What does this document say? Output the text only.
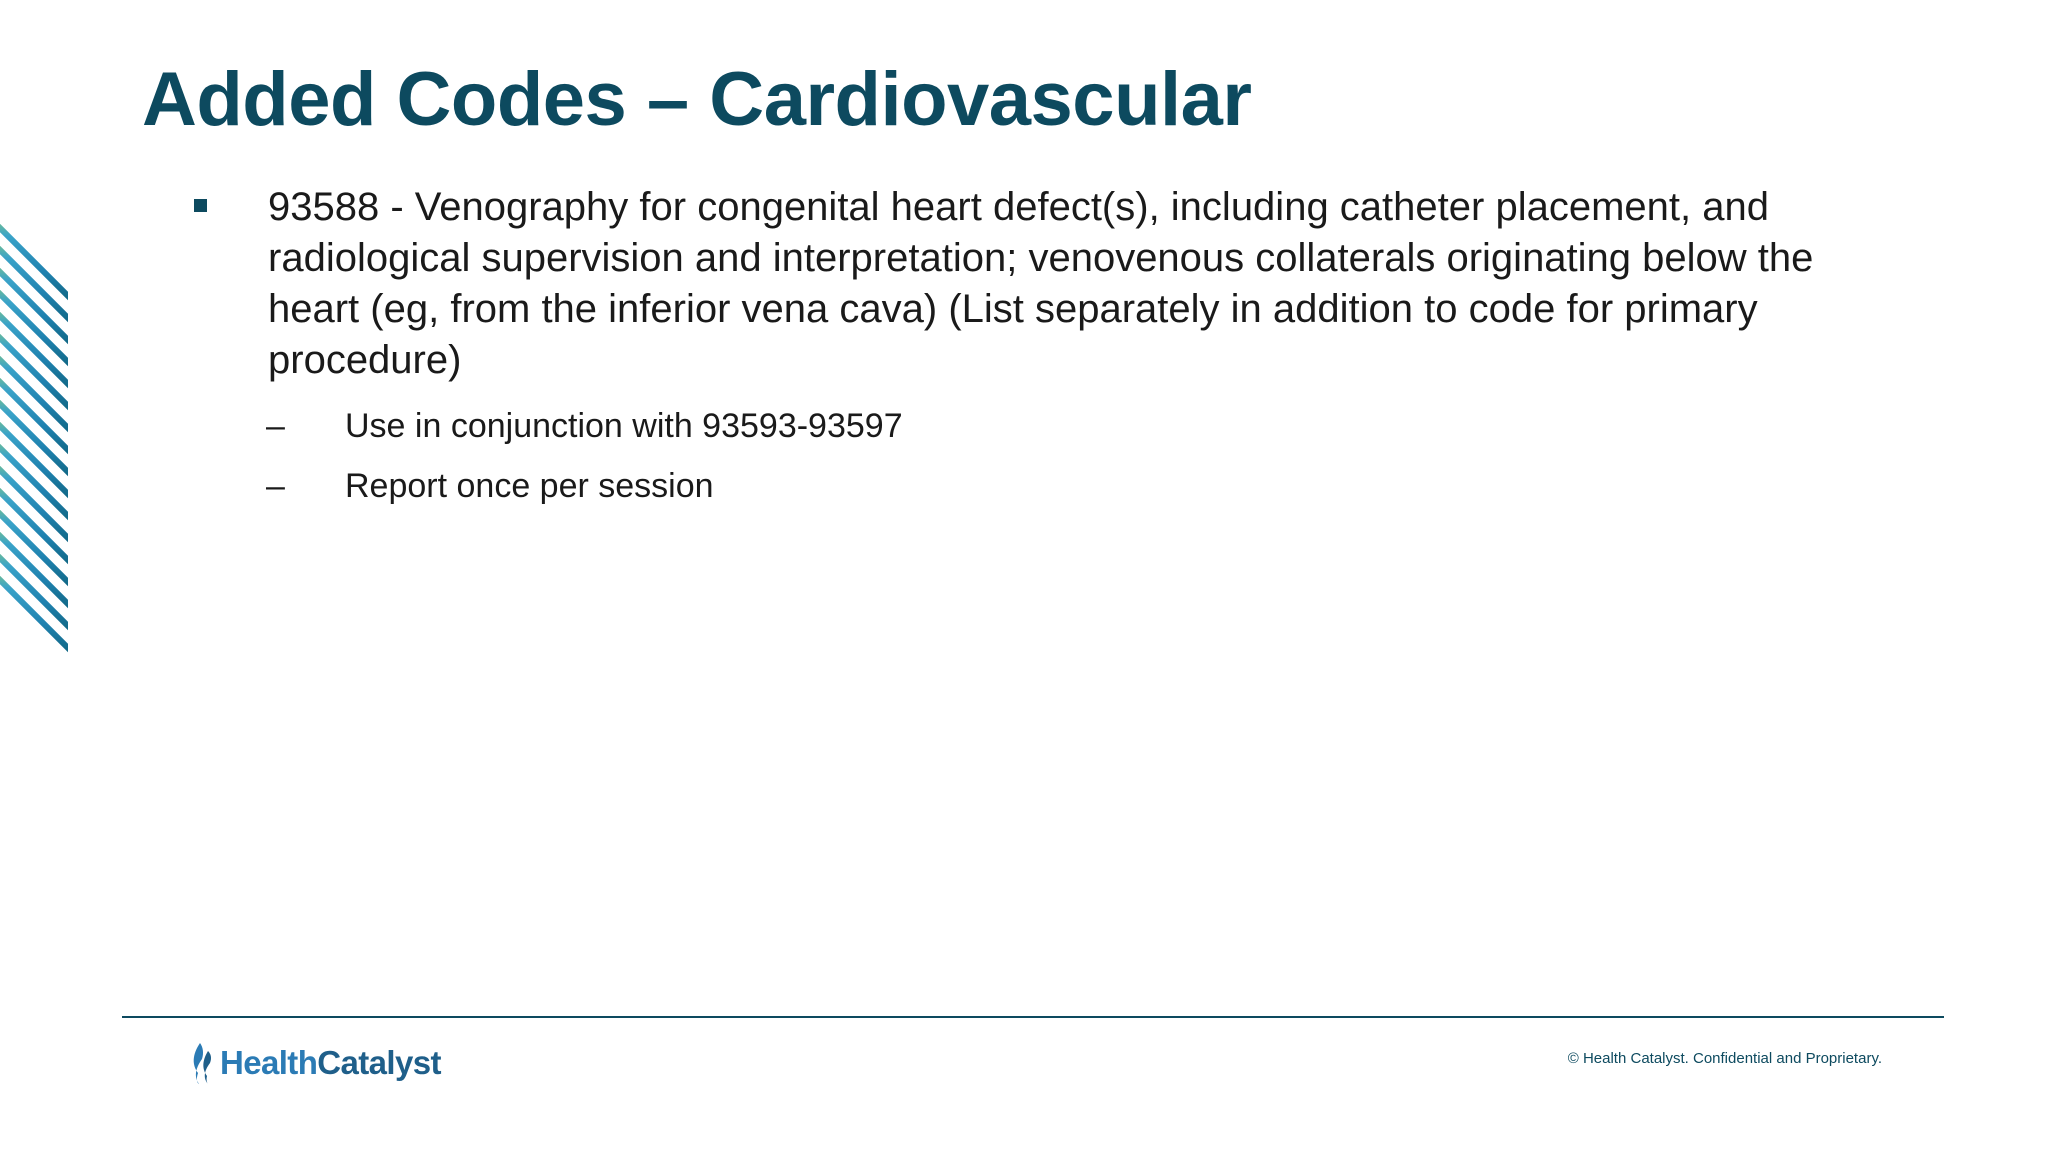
Added Codes – Cardiovascular

93588 - Venography for congenital heart defect(s), including catheter placement, and radiological supervision and interpretation; venovenous collaterals originating below the heart (eg, from the inferior vena cava) (List separately in addition to code for primary procedure)

– Use in conjunction with 93593-93597

– Report once per session

HealthCatalyst	© Health Catalyst. Confidential and Proprietary.
